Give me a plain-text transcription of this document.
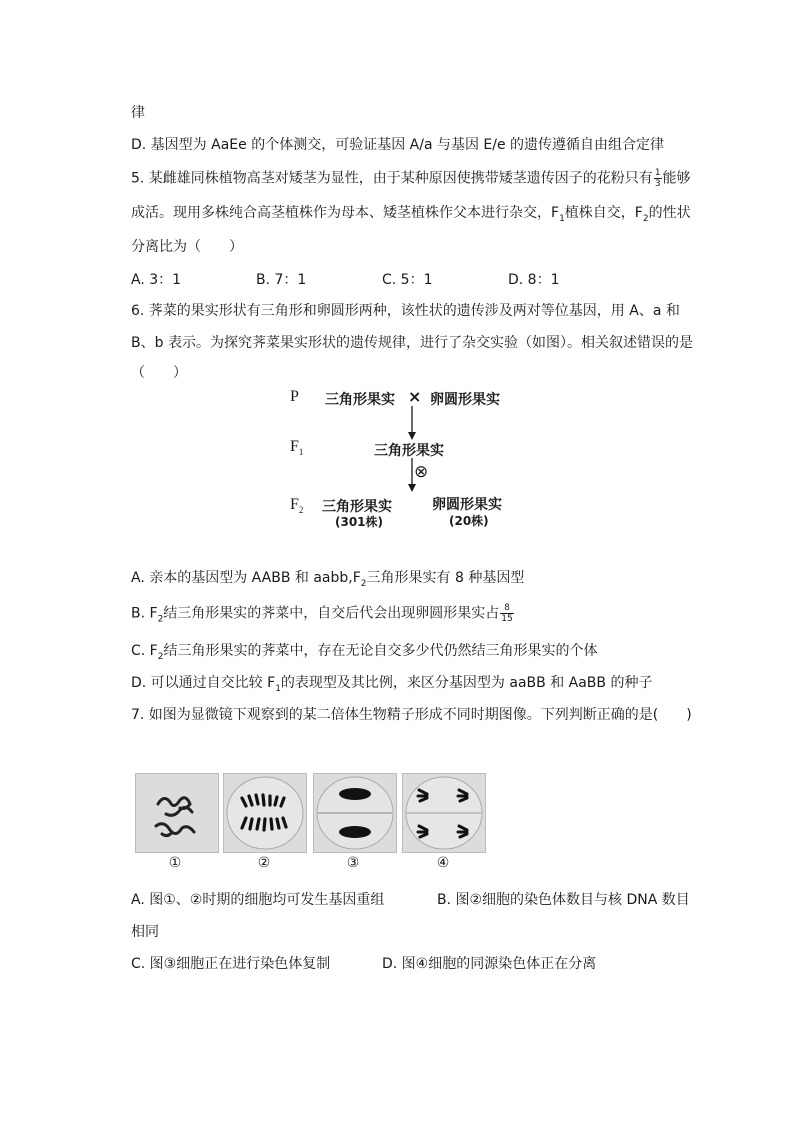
律
D. 基因型为 AaEe 的个体测交，可验证基因 A/a 与基因 E/e 的遗传遵循自由组合定律
5. 某雌雄同株植物高茎对矮茎为显性，由于某种原因使携带矮茎遗传因子的花粉只有 $\frac{1}{3}$ 能够
成活。现用多株纯合高茎植株作为母本、矮茎植株作父本进行杂交，$F_1$植株自交，$F_2$的性状
分离比为（　　）
A. 3：1	B. 7：1	C. 5：1	D. 8：1
6. 荠菜的果实形状有三角形和卵圆形两种，该性状的遗传涉及两对等位基因，用 A、a 和
B、b 表示。为探究荠菜果实形状的遗传规律，进行了杂交实验（如图）。相关叙述错误的是
（　　）
P 三角形果实 × 卵圆形果实
$F_1$	三角形果实
⊗
$F_2$ 三角形果实
(301株)
卵圆形果实
(20株)
A. 亲本的基因型为 AABB 和 $aabb,F_2$三角形果实有 8 种基因型
B. $F_2$结三角形果实的荠菜中，自交后代会出现卵圆形果实占 $\frac{8}{15}$
C. $F_2$结三角形果实的荠菜中，存在无论自交多少代仍然结三角形果实的个体
D. 可以通过自交比较 $F_1$的表现型及其比例，来区分基因型为 aaBB 和 AaBB 的种子
7. 如图为显微镜下观察到的某二倍体生物精子形成不同时期图像。下列判断正确的是(　　)
①	②	③	④
A. 图①、②时期的细胞均可发生基因重组	B. 图②细胞的染色体数目与核 DNA 数目
相同
C. 图③细胞正在进行染色体复制	D. 图④细胞的同源染色体正在分离
